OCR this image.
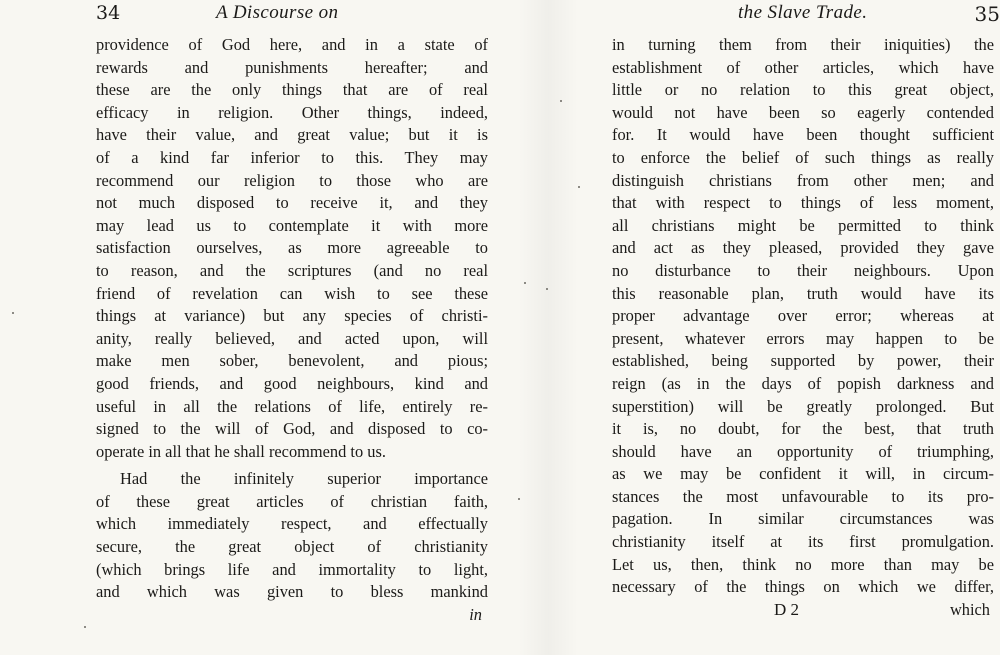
34	A Discourse on
providence of God here, and in a state of
rewards and punishments hereafter; and
these are the only things that are of real
efficacy in religion. Other things, indeed,
have their value, and great value; but it is
of a kind far inferior to this. They may
recommend our religion to those who are
not much disposed to receive it, and they
may lead us to contemplate it with more
satisfaction ourselves, as more agreeable to
to reason, and the scriptures (and no real
friend of revelation can wish to see these
things at variance) but any species of christi-
anity, really believed, and acted upon, will
make men sober, benevolent, and pious;
good friends, and good neighbours, kind and
useful in all the relations of life, entirely re-
signed to the will of God, and disposed to co-
operate in all that he shall recommend to us.
Had the infinitely superior importance
of these great articles of christian faith,
which immediately respect, and effectually
secure, the great object of christianity
(which brings life and immortality to light,
and which was given to bless mankind
in
the Slave Trade.	35
in turning them from their iniquities) the
establishment of other articles, which have
little or no relation to this great object,
would not have been so eagerly contended
for. It would have been thought sufficient
to enforce the belief of such things as really
distinguish christians from other men; and
that with respect to things of less moment,
all christians might be permitted to think
and act as they pleased, provided they gave
no disturbance to their neighbours. Upon
this reasonable plan, truth would have its
proper advantage over error; whereas at
present, whatever errors may happen to be
established, being supported by power, their
reign (as in the days of popish darkness and
superstition) will be greatly prolonged. But
it is, no doubt, for the best, that truth
should have an opportunity of triumphing,
as we may be confident it will, in circum-
stances the most unfavourable to its pro-
pagation. In similar circumstances was
christianity itself at its first promulgation.
Let us, then, think no more than may be
necessary of the things on which we differ,
D 2	which
